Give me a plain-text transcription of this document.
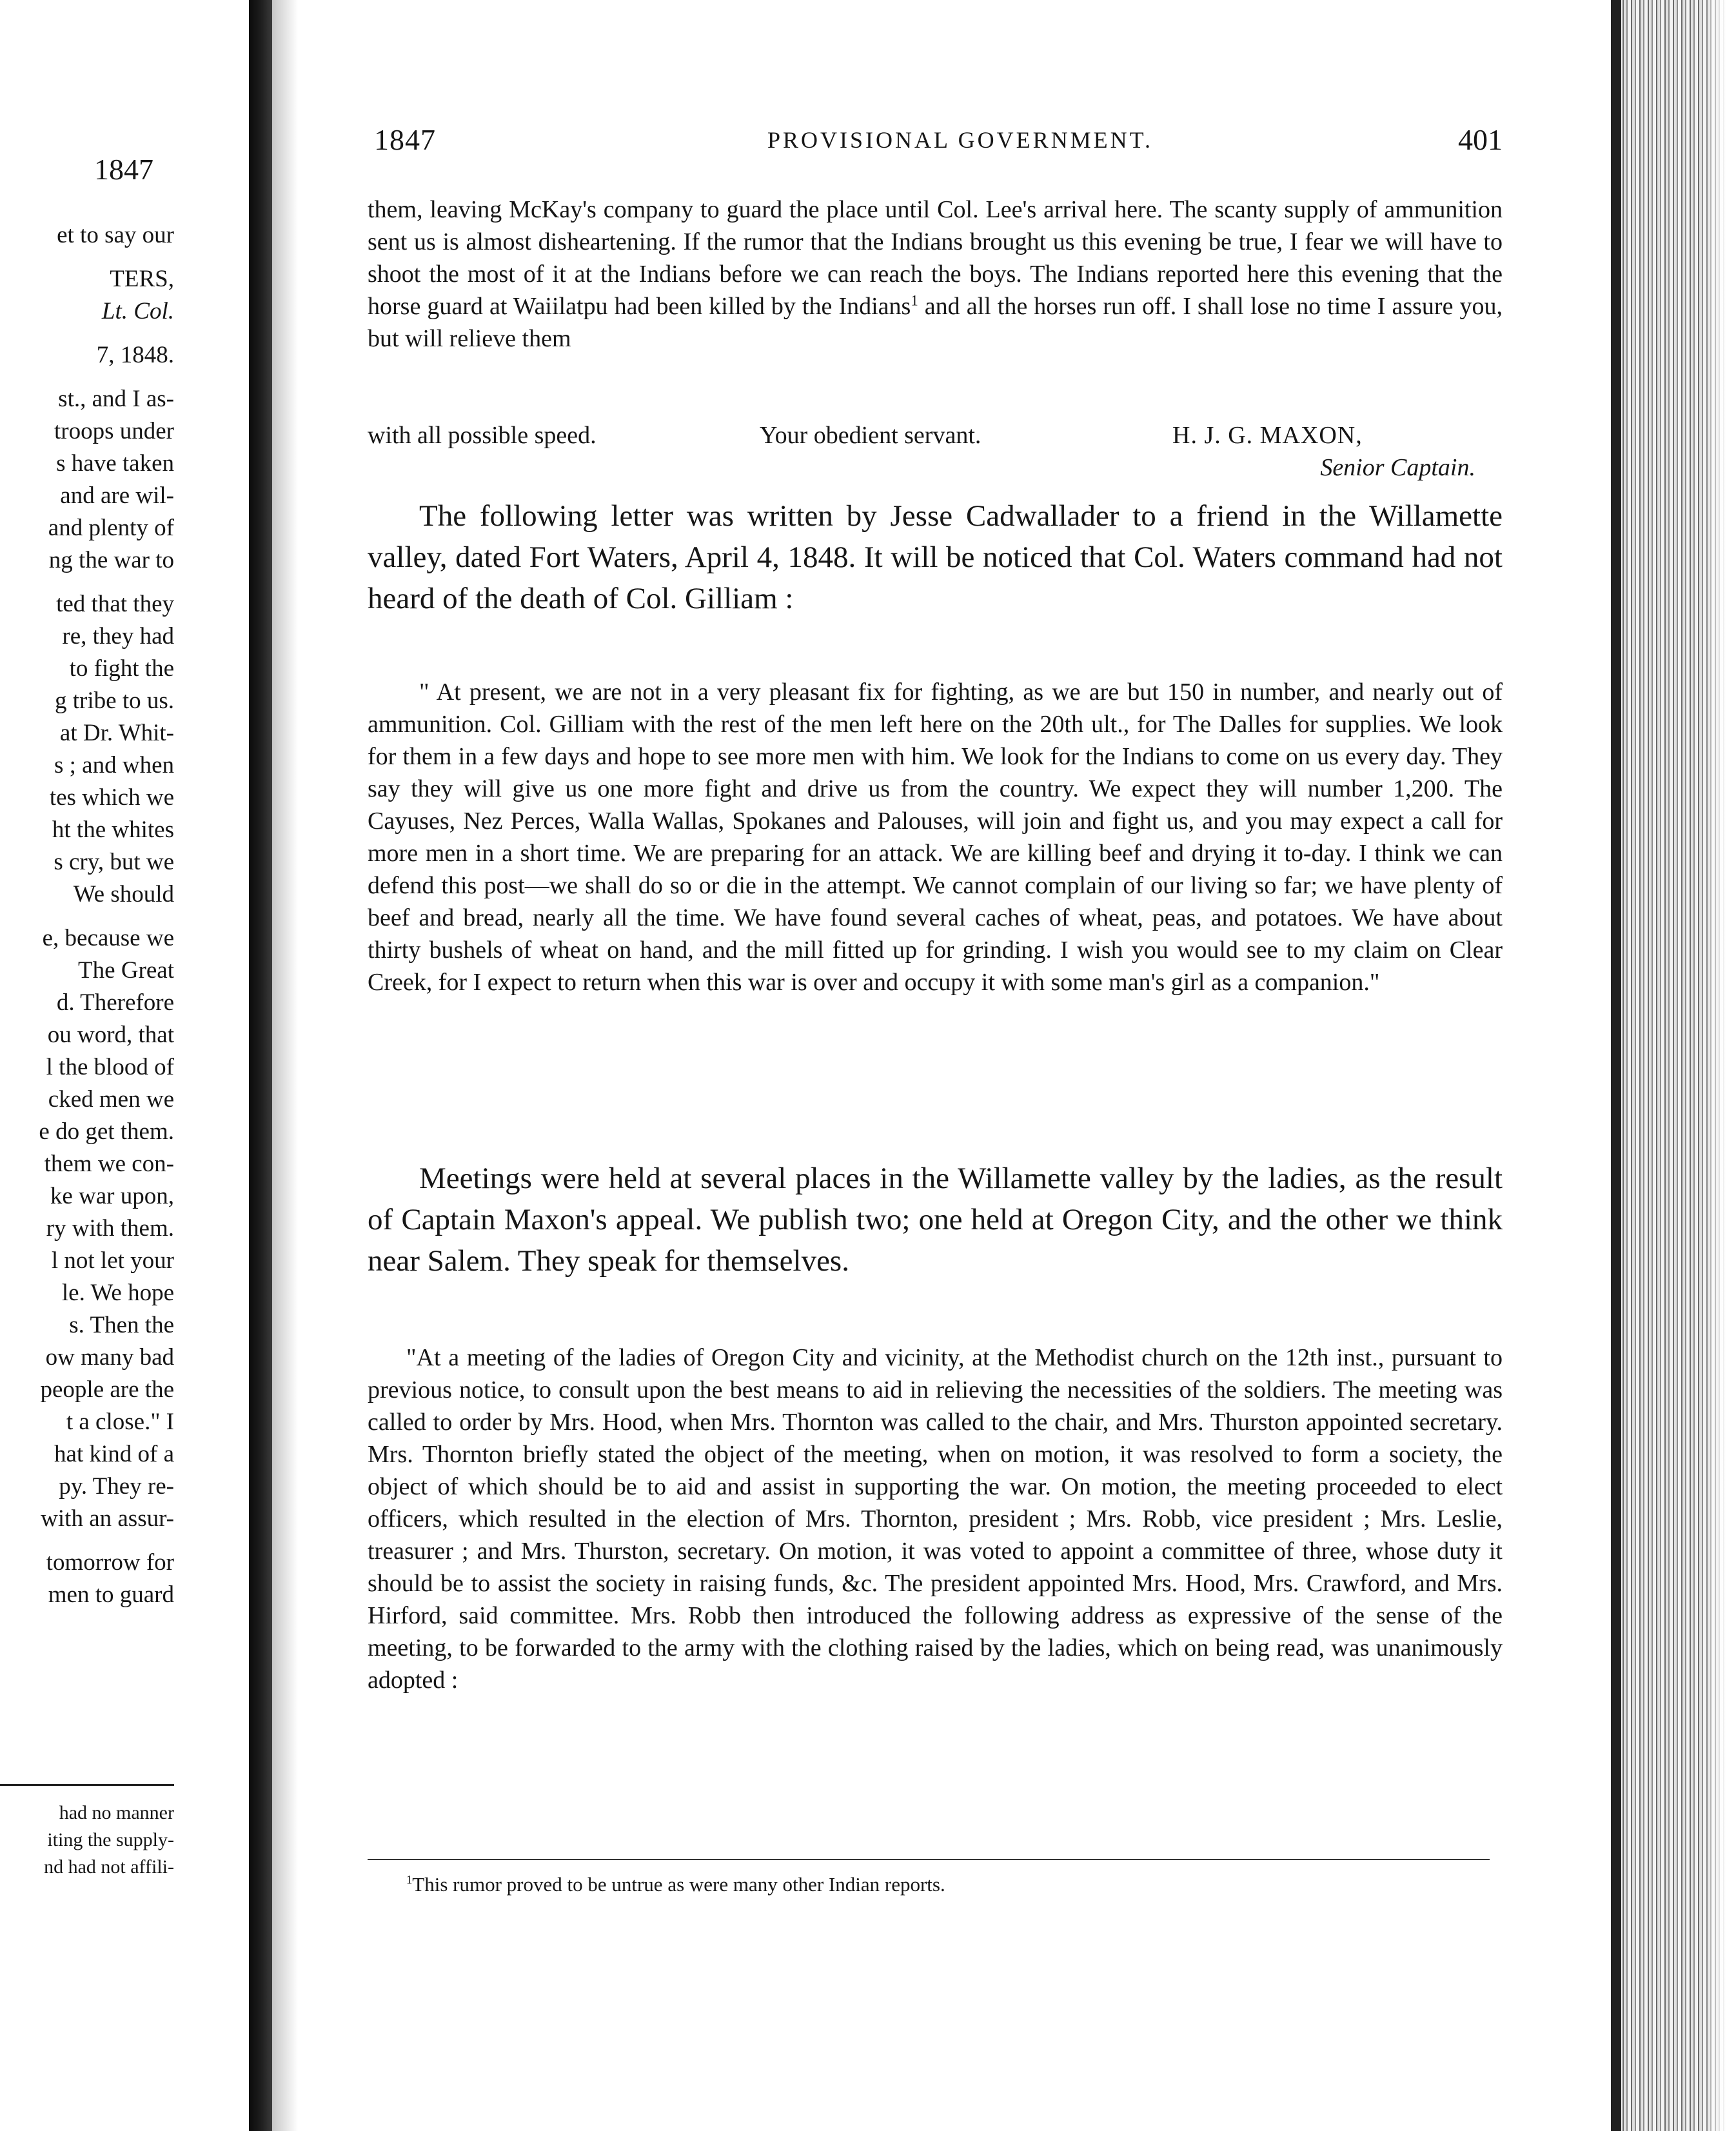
1847
et to say our
TERS,
Lt. Col.
7, 1848.
st., and I as-
troops under
s have taken
and are wil-
and plenty of
ng the war to
ted that they
re, they had
to fight the
g tribe to us.
at Dr. Whit-
s ; and when
tes which we
ht the whites
s cry, but we
We should
e, because we
The Great
d. Therefore
ou word, that
l the blood of
cked men we
e do get them.
them we con-
ke war upon,
ry with them.
l not let your
le. We hope
s. Then the
ow many bad
people are the
t a close." I
hat kind of a
py. They re-
with an assur-
tomorrow for
men to guard
had no manner
iting the supply-
nd had not affili-
1847	PROVISIONAL GOVERNMENT.	401

them, leaving McKay's company to guard the place until Col. Lee's arrival here. The scanty supply of ammunition sent us is almost disheartening. If the rumor that the Indians brought us this evening be true, I fear we will have to shoot the most of it at the Indians before we can reach the boys. The Indians reported here this evening that the horse guard at Waiilatpu had been killed by the Indians$^1$ and all the horses run off. I shall lose no time I assure you, but will relieve them

with all possible speed.	Your obedient servant.	H. J. G. MAXON,
Senior Captain.

The following letter was written by Jesse Cadwallader to a friend in the Willamette valley, dated Fort Waters, April 4, 1848. It will be noticed that Col. Waters command had not heard of the death of Col. Gilliam :

" At present, we are not in a very pleasant fix for fighting, as we are but 150 in number, and nearly out of ammunition. Col. Gilliam with the rest of the men left here on the 20th ult., for The Dalles for supplies. We look for them in a few days and hope to see more men with him. We look for the Indians to come on us every day. They say they will give us one more fight and drive us from the country. We expect they will number 1,200. The Cayuses, Nez Perces, Walla Wallas, Spokanes and Palouses, will join and fight us, and you may expect a call for more men in a short time. We are preparing for an attack. We are killing beef and drying it to-day. I think we can defend this post—we shall do so or die in the attempt. We cannot complain of our living so far; we have plenty of beef and bread, nearly all the time. We have found several caches of wheat, peas, and potatoes. We have about thirty bushels of wheat on hand, and the mill fitted up for grinding. I wish you would see to my claim on Clear Creek, for I expect to return when this war is over and occupy it with some man's girl as a companion."

Meetings were held at several places in the Willamette valley by the ladies, as the result of Captain Maxon's appeal. We publish two; one held at Oregon City, and the other we think near Salem. They speak for themselves.

"At a meeting of the ladies of Oregon City and vicinity, at the Methodist church on the 12th inst., pursuant to previous notice, to consult upon the best means to aid in relieving the necessities of the soldiers. The meeting was called to order by Mrs. Hood, when Mrs. Thornton was called to the chair, and Mrs. Thurston appointed secretary. Mrs. Thornton briefly stated the object of the meeting, when on motion, it was resolved to form a society, the object of which should be to aid and assist in supporting the war. On motion, the meeting proceeded to elect officers, which resulted in the election of Mrs. Thornton, president ; Mrs. Robb, vice president ; Mrs. Leslie, treasurer ; and Mrs. Thurston, secretary. On motion, it was voted to appoint a committee of three, whose duty it should be to assist the society in raising funds, &c. The president appointed Mrs. Hood, Mrs. Crawford, and Mrs. Hirford, said committee. Mrs. Robb then introduced the following address as expressive of the sense of the meeting, to be forwarded to the army with the clothing raised by the ladies, which on being read, was unanimously adopted :

$^1$This rumor proved to be untrue as were many other Indian reports.
